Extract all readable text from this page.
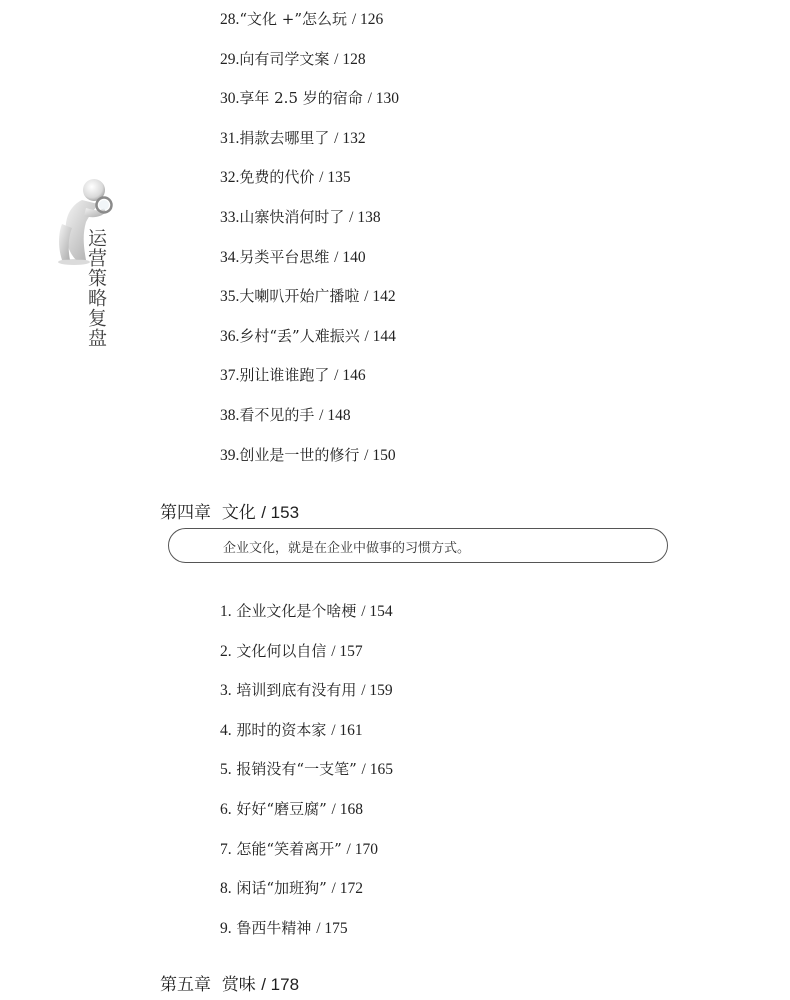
运营策略复盘
28.“文化 +”怎么玩 / 126
29.向有司学文案 / 128
30.享年 2.5 岁的宿命 / 130
31.捐款去哪里了 / 132
32.免费的代价 / 135
33.山寨快消何时了 / 138
34.另类平台思维 / 140
35.大喇叭开始广播啦 / 142
36.乡村“丢”人难振兴 / 144
37.别让谁谁跑了 / 146
38.看不见的手 / 148
39.创业是一世的修行 / 150
第四章 文化 / 153
企业文化，就是在企业中做事的习惯方式。
1. 企业文化是个啥梗 / 154
2. 文化何以自信 / 157
3. 培训到底有没有用 / 159
4. 那时的资本家 / 161
5. 报销没有“一支笔” / 165
6. 好好“磨豆腐” / 168
7. 怎能“笑着离开” / 170
8. 闲话“加班狗” / 172
9. 鲁西牛精神 / 175
第五章 赏味 / 178
